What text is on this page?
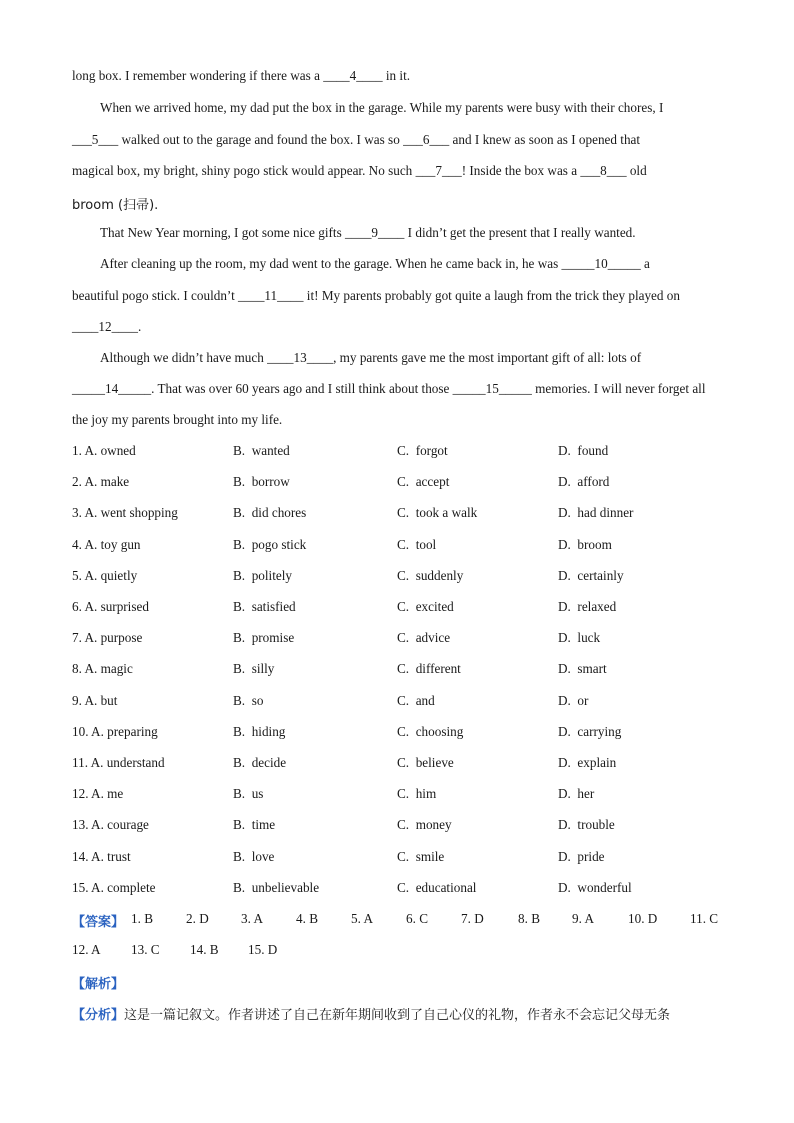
long box. I remember wondering if there was a ____4____ in it.
When we arrived home, my dad put the box in the garage. While my parents were busy with their chores, I
___5___ walked out to the garage and found the box. I was so ___6___ and I knew as soon as I opened that
magical box, my bright, shiny pogo stick would appear. No such ___7___! Inside the box was a ___8___ old
broom (扫帚).
That New Year morning, I got some nice gifts ____9____ I didn’t get the present that I really wanted.
After cleaning up the room, my dad went to the garage. When he came back in, he was _____10_____ a
beautiful pogo stick. I couldn’t ____11____ it! My parents probably got quite a laugh from the trick they played on
____12____.
Although we didn’t have much ____13____, my parents gave me the most important gift of all: lots of
_____14_____. That was over 60 years ago and I still think about those _____15_____ memories. I will never forget all
the joy my parents brought into my life.
1. A. owned	B. wanted	C. forgot	D. found
2. A. make	B. borrow	C. accept	D. afford
3. A. went shopping	B. did chores	C. took a walk	D. had dinner
4. A. toy gun	B. pogo stick	C. tool	D. broom
5. A. quietly	B. politely	C. suddenly	D. certainly
6. A. surprised	B. satisfied	C. excited	D. relaxed
7. A. purpose	B. promise	C. advice	D. luck
8. A. magic	B. silly	C. different	D. smart
9. A. but	B. so	C. and	D. or
10. A. preparing	B. hiding	C. choosing	D. carrying
11. A. understand	B. decide	C. believe	D. explain
12. A. me	B. us	C. him	D. her
13. A. courage	B. time	C. money	D. trouble
14. A. trust	B. love	C. smile	D. pride
15. A. complete	B. unbelievable	C. educational	D. wonderful
【答案】 1. B	2. D 3. A	4. B	5. A	6. C	7. D	8. B 9. A	10. D 11. C
12. A 13. C 14. B 15. D
【解析】
【分析】这是一篇记叙文。作者讲述了自己在新年期间收到了自己心仪的礼物，作者永不会忘记父母无条
